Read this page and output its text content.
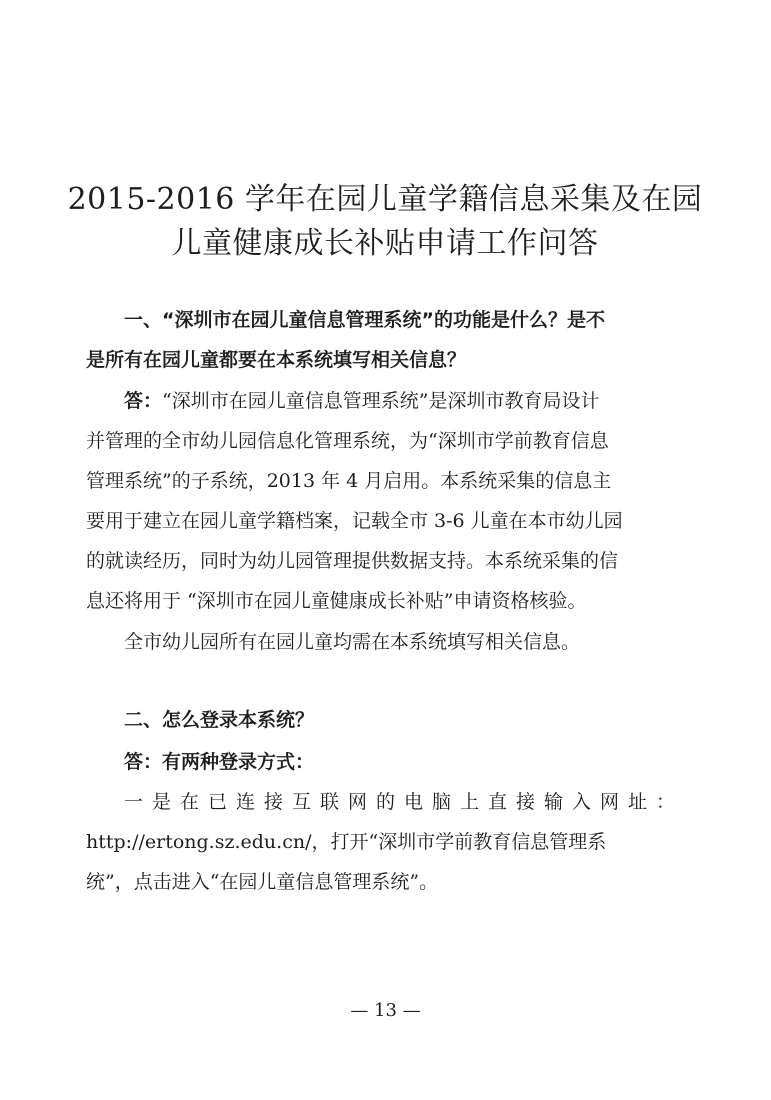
2015-2016 学年在园儿童学籍信息采集及在园
儿童健康成长补贴申请工作问答
一、“深圳市在园儿童信息管理系统”的功能是什么？是不
是所有在园儿童都要在本系统填写相关信息？
答：“深圳市在园儿童信息管理系统”是深圳市教育局设计
并管理的全市幼儿园信息化管理系统，为“深圳市学前教育信息
管理系统”的子系统，2013 年 4 月启用。本系统采集的信息主
要用于建立在园儿童学籍档案，记载全市 3-6 儿童在本市幼儿园
的就读经历，同时为幼儿园管理提供数据支持。本系统采集的信
息还将用于 “深圳市在园儿童健康成长补贴”申请资格核验。
全市幼儿园所有在园儿童均需在本系统填写相关信息。
二、怎么登录本系统？
答：有两种登录方式：
一是在已连接互联网的电脑上直接输入网址：
http://ertong.sz.edu.cn/，打开“深圳市学前教育信息管理系
统”，点击进入“在园儿童信息管理系统”。
— 13 —
